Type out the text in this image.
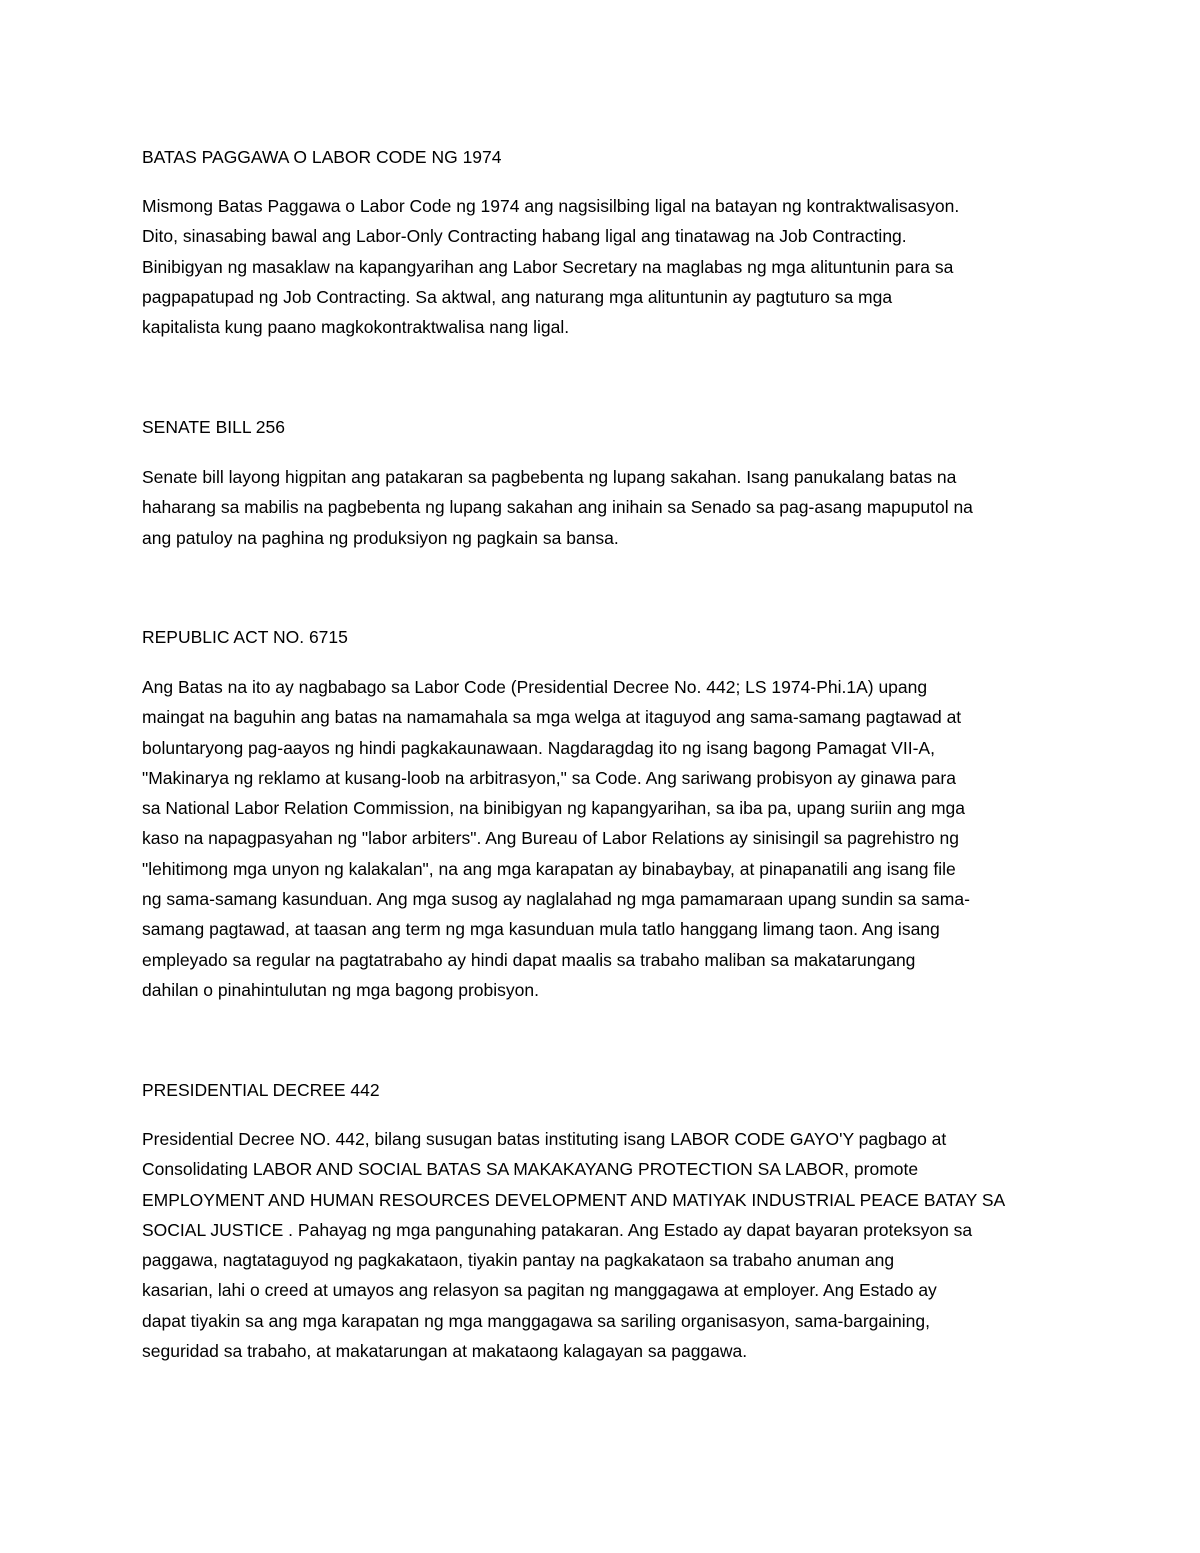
BATAS PAGGAWA O LABOR CODE NG 1974
Mismong Batas Paggawa o Labor Code ng 1974 ang nagsisilbing ligal na batayan ng kontraktwalisasyon.
Dito, sinasabing bawal ang Labor-Only Contracting habang ligal ang tinatawag na Job Contracting.
Binibigyan ng masaklaw na kapangyarihan ang Labor Secretary na maglabas ng mga alituntunin para sa
pagpapatupad ng Job Contracting. Sa aktwal, ang naturang mga alituntunin ay pagtuturo sa mga
kapitalista kung paano magkokontraktwalisa nang ligal.
SENATE BILL 256
Senate bill layong higpitan ang patakaran sa pagbebenta ng lupang sakahan. Isang panukalang batas na
haharang sa mabilis na pagbebenta ng lupang sakahan ang inihain sa Senado sa pag-asang mapuputol na
ang patuloy na paghina ng produksiyon ng pagkain sa bansa.
REPUBLIC ACT NO. 6715
Ang Batas na ito ay nagbabago sa Labor Code (Presidential Decree No. 442; LS 1974-Phi.1A) upang
maingat na baguhin ang batas na namamahala sa mga welga at itaguyod ang sama-samang pagtawad at
boluntaryong pag-aayos ng hindi pagkakaunawaan. Nagdaragdag ito ng isang bagong Pamagat VII-A,
"Makinarya ng reklamo at kusang-loob na arbitrasyon," sa Code. Ang sariwang probisyon ay ginawa para
sa National Labor Relation Commission, na binibigyan ng kapangyarihan, sa iba pa, upang suriin ang mga
kaso na napagpasyahan ng "labor arbiters". Ang Bureau of Labor Relations ay sinisingil sa pagrehistro ng
"lehitimong mga unyon ng kalakalan", na ang mga karapatan ay binabaybay, at pinapanatili ang isang file
ng sama-samang kasunduan. Ang mga susog ay naglalahad ng mga pamamaraan upang sundin sa sama-
samang pagtawad, at taasan ang term ng mga kasunduan mula tatlo hanggang limang taon. Ang isang
empleyado sa regular na pagtatrabaho ay hindi dapat maalis sa trabaho maliban sa makatarungang
dahilan o pinahintulutan ng mga bagong probisyon.
PRESIDENTIAL DECREE 442
Presidential Decree NO. 442, bilang susugan batas instituting isang LABOR CODE GAYO'Y pagbago at
Consolidating LABOR AND SOCIAL BATAS SA MAKAKAYANG PROTECTION SA LABOR, promote
EMPLOYMENT AND HUMAN RESOURCES DEVELOPMENT AND MATIYAK INDUSTRIAL PEACE BATAY SA
SOCIAL JUSTICE . Pahayag ng mga pangunahing patakaran. Ang Estado ay dapat bayaran proteksyon sa
paggawa, nagtataguyod ng pagkakataon, tiyakin pantay na pagkakataon sa trabaho anuman ang
kasarian, lahi o creed at umayos ang relasyon sa pagitan ng manggagawa at employer. Ang Estado ay
dapat tiyakin sa ang mga karapatan ng mga manggagawa sa sariling organisasyon, sama-bargaining,
seguridad sa trabaho, at makatarungan at makataong kalagayan sa paggawa.
